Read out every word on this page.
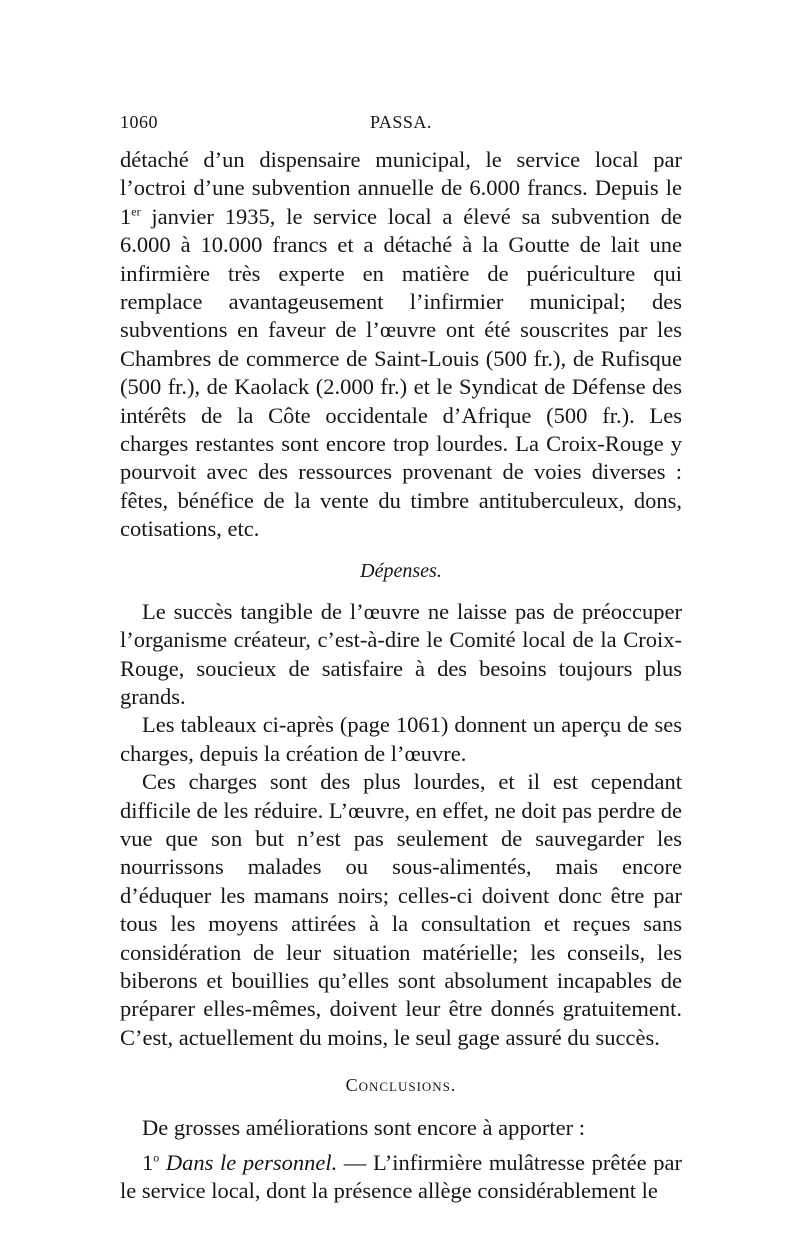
1060	PASSA.

détaché d’un dispensaire municipal, le service local par l’octroi d’une subvention annuelle de 6.000 francs. Depuis le 1er janvier 1935, le service local a élevé sa subvention de 6.000 à 10.000 francs et a détaché à la Goutte de lait une infirmière très experte en matière de puériculture qui remplace avantageusement l’infirmier municipal; des subventions en faveur de l’œuvre ont été souscrites par les Chambres de commerce de Saint-Louis (500 fr.), de Rufisque (500 fr.), de Kaolack (2.000 fr.) et le Syndicat de Défense des intérêts de la Côte occidentale d’Afrique (500 fr.). Les charges restantes sont encore trop lourdes. La Croix-Rouge y pourvoit avec des ressources provenant de voies diverses : fêtes, bénéfice de la vente du timbre antituberculeux, dons, cotisations, etc.

Dépenses.

Le succès tangible de l’œuvre ne laisse pas de préoccuper l’organisme créateur, c’est-à-dire le Comité local de la Croix-Rouge, soucieux de satisfaire à des besoins toujours plus grands.

Les tableaux ci-après (page 1061) donnent un aperçu de ses charges, depuis la création de l’œuvre.

Ces charges sont des plus lourdes, et il est cependant difficile de les réduire. L’œuvre, en effet, ne doit pas perdre de vue que son but n’est pas seulement de sauvegarder les nourrissons malades ou sous-alimentés, mais encore d’éduquer les mamans noirs; celles-ci doivent donc être par tous les moyens attirées à la consultation et reçues sans considération de leur situation matérielle; les conseils, les biberons et bouillies qu’elles sont absolument incapables de préparer elles-mêmes, doivent leur être donnés gratuitement. C’est, actuellement du moins, le seul gage assuré du succès.

Conclusions.

De grosses améliorations sont encore à apporter :

1$^o$ Dans le personnel. — L’infirmière mulâtresse prêtée par le service local, dont la présence allège considérablement le
